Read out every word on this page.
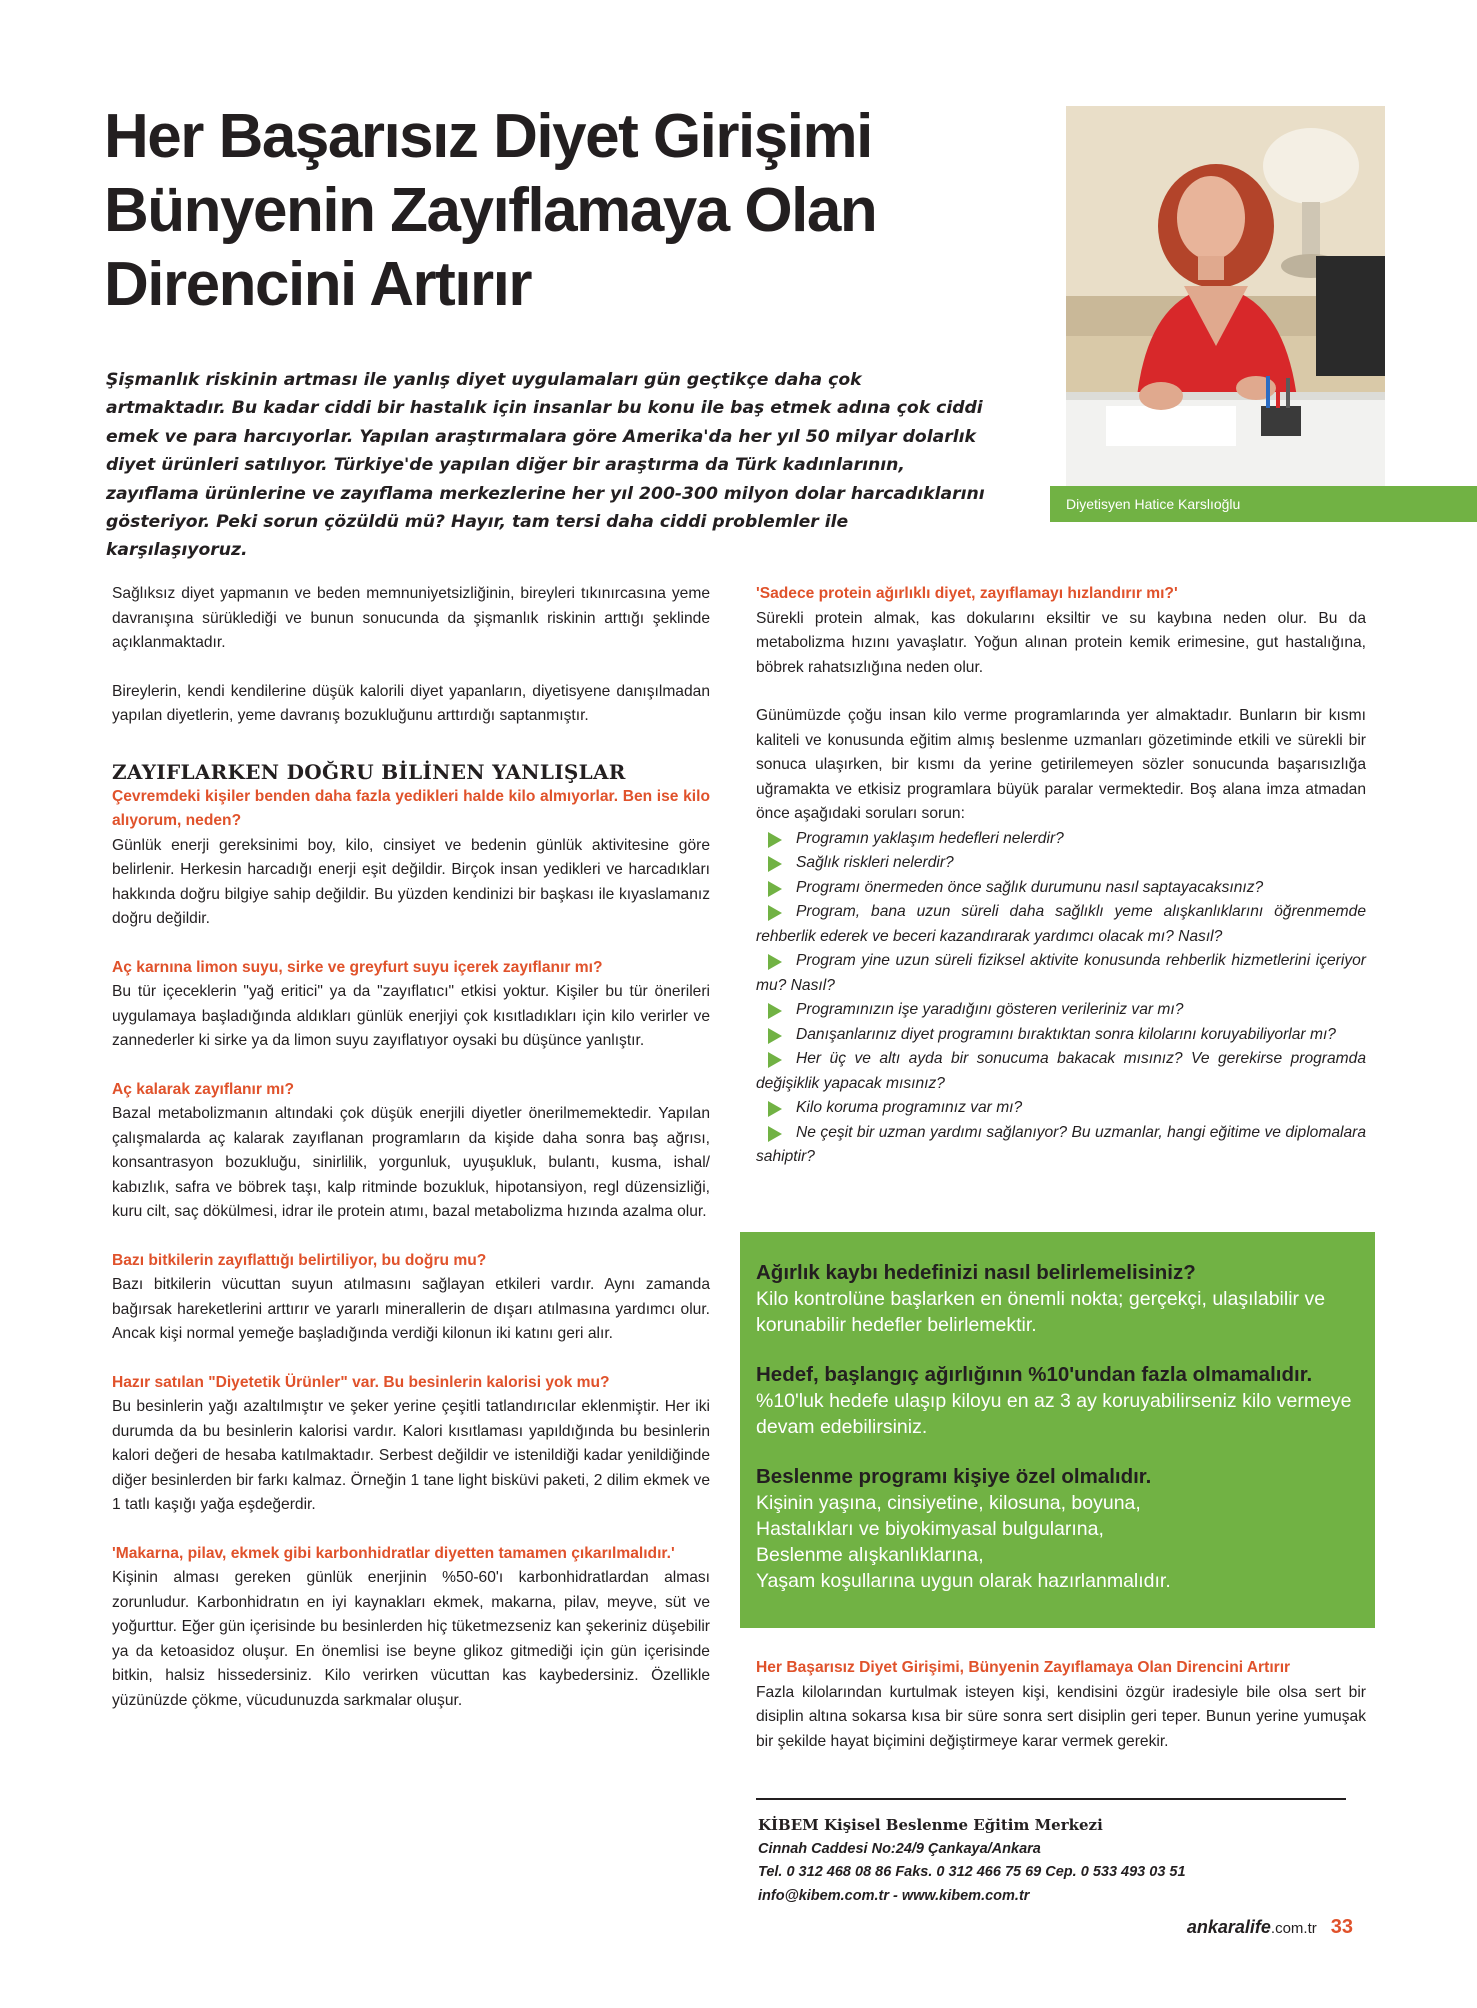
Her Başarısız Diyet Girişimi
Bünyenin Zayıflamaya Olan
Direncini Artırır

Şişmanlık riskinin artması ile yanlış diyet uygulamaları gün geçtikçe daha çok artmaktadır. Bu kadar ciddi bir hastalık için insanlar bu konu ile baş etmek adına çok ciddi emek ve para harcıyorlar. Yapılan araştırmalara göre Amerika'da her yıl 50 milyar dolarlık diyet ürünleri satılıyor. Türkiye'de yapılan diğer bir araştırma da Türk kadınlarının, zayıflama ürünlerine ve zayıflama merkezlerine her yıl 200-300 milyon dolar harcadıklarını gösteriyor. Peki sorun çözüldü mü? Hayır, tam tersi daha ciddi problemler ile karşılaşıyoruz.

Diyetisyen Hatice Karslıoğlu

Sağlıksız diyet yapmanın ve beden memnuniyetsizliğinin, bireyleri tıkınırcasına yeme davranışına sürüklediği ve bunun sonucunda da şişmanlık riskinin arttığı şeklinde açıklanmaktadır.

Bireylerin, kendi kendilerine düşük kalorili diyet yapanların, diyetisyene danışılmadan yapılan diyetlerin, yeme davranış bozukluğunu arttırdığı saptanmıştır.

ZAYIFLARKEN DOĞRU BİLİNEN YANLIŞLAR

Çevremdeki kişiler benden daha fazla yedikleri halde kilo almıyorlar. Ben ise kilo alıyorum, neden?

Günlük enerji gereksinimi boy, kilo, cinsiyet ve bedenin günlük aktivitesine göre belirlenir. Herkesin harcadığı enerji eşit değildir. Birçok insan yedikleri ve harcadıkları hakkında doğru bilgiye sahip değildir. Bu yüzden kendinizi bir başkası ile kıyaslamanız doğru değildir.

Aç karnına limon suyu, sirke ve greyfurt suyu içerek zayıflanır mı?

Bu tür içeceklerin "yağ eritici" ya da "zayıflatıcı" etkisi yoktur. Kişiler bu tür önerileri uygulamaya başladığında aldıkları günlük enerjiyi çok kısıtladıkları için kilo verirler ve zannederler ki sirke ya da limon suyu zayıflatıyor oysaki bu düşünce yanlıştır.

Aç kalarak zayıflanır mı?

Bazal metabolizmanın altındaki çok düşük enerjili diyetler önerilmemektedir. Yapılan çalışmalarda aç kalarak zayıflanan programların da kişide daha sonra baş ağrısı, konsantrasyon bozukluğu, sinirlilik, yorgunluk, uyuşukluk, bulantı, kusma, ishal/ kabızlık, safra ve böbrek taşı, kalp ritminde bozukluk, hipotansiyon, regl düzensizliği, kuru cilt, saç dökülmesi, idrar ile protein atımı, bazal metabolizma hızında azalma olur.

Bazı bitkilerin zayıflattığı belirtiliyor, bu doğru mu?

Bazı bitkilerin vücuttan suyun atılmasını sağlayan etkileri vardır. Aynı zamanda bağırsak hareketlerini arttırır ve yararlı minerallerin de dışarı atılmasına yardımcı olur. Ancak kişi normal yemeğe başladığında verdiği kilonun iki katını geri alır.

Hazır satılan "Diyetetik Ürünler" var. Bu besinlerin kalorisi yok mu?

Bu besinlerin yağı azaltılmıştır ve şeker yerine çeşitli tatlandırıcılar eklenmiştir. Her iki durumda da bu besinlerin kalorisi vardır. Kalori kısıtlaması yapıldığında bu besinlerin kalori değeri de hesaba katılmaktadır. Serbest değildir ve istenildiği kadar yenildiğinde diğer besinlerden bir farkı kalmaz. Örneğin 1 tane light bisküvi paketi, 2 dilim ekmek ve 1 tatlı kaşığı yağa eşdeğerdir.

'Makarna, pilav, ekmek gibi karbonhidratlar diyetten tamamen çıkarılmalıdır.'

Kişinin alması gereken günlük enerjinin %50-60'ı karbonhidratlardan alması zorunludur. Karbonhidratın en iyi kaynakları ekmek, makarna, pilav, meyve, süt ve yoğurttur. Eğer gün içerisinde bu besinlerden hiç tüketmezseniz kan şekeriniz düşebilir ya da ketoasidoz oluşur. En önemlisi ise beyne glikoz gitmediği için gün içerisinde bitkin, halsiz hissedersiniz. Kilo verirken vücuttan kas kaybedersiniz. Özellikle yüzünüzde çökme, vücudunuzda sarkmalar oluşur.

'Sadece protein ağırlıklı diyet, zayıflamayı hızlandırır mı?'

Sürekli protein almak, kas dokularını eksiltir ve su kaybına neden olur. Bu da metabolizma hızını yavaşlatır. Yoğun alınan protein kemik erimesine, gut hastalığına, böbrek rahatsızlığına neden olur.

Günümüzde çoğu insan kilo verme programlarında yer almaktadır. Bunların bir kısmı kaliteli ve konusunda eğitim almış beslenme uzmanları gözetiminde etkili ve sürekli bir sonuca ulaşırken, bir kısmı da yerine getirilemeyen sözler sonucunda başarısızlığa uğramakta ve etkisiz programlara büyük paralar vermektedir. Boş alana imza atmadan önce aşağıdaki soruları sorun:

Programın yaklaşım hedefleri nelerdir?
Sağlık riskleri nelerdir?
Programı önermeden önce sağlık durumunu nasıl saptayacaksınız?
Program, bana uzun süreli daha sağlıklı yeme alışkanlıklarını öğrenmemde rehberlik ederek ve beceri kazandırarak yardımcı olacak mı? Nasıl?
Program yine uzun süreli fiziksel aktivite konusunda rehberlik hizmetlerini içeriyor mu? Nasıl?
Programınızın işe yaradığını gösteren verileriniz var mı?
Danışanlarınız diyet programını bıraktıktan sonra kilolarını koruyabiliyorlar mı?
Her üç ve altı ayda bir sonucuma bakacak mısınız? Ve gerekirse programda değişiklik yapacak mısınız?
Kilo koruma programınız var mı?
Ne çeşit bir uzman yardımı sağlanıyor? Bu uzmanlar, hangi eğitime ve diplomalara sahiptir?
Ağırlık kaybı hedefinizi nasıl belirlemelisiniz?

Kilo kontrolüne başlarken en önemli nokta; gerçekçi, ulaşılabilir ve korunabilir hedefler belirlemektir.

Hedef, başlangıç ağırlığının %10'undan fazla olmamalıdır.

%10'luk hedefe ulaşıp kiloyu en az 3 ay koruyabilirseniz kilo vermeye devam edebilirsiniz.

Beslenme programı kişiye özel olmalıdır.

Kişinin yaşına, cinsiyetine, kilosuna, boyuna,
Hastalıkları ve biyokimyasal bulgularına,
Beslenme alışkanlıklarına,
Yaşam koşullarına uygun olarak hazırlanmalıdır.

Her Başarısız Diyet Girişimi, Bünyenin Zayıflamaya Olan Direncini Artırır
Fazla kilolarından kurtulmak isteyen kişi, kendisini özgür iradesiyle bile olsa sert bir disiplin altına sokarsa kısa bir süre sonra sert disiplin geri teper. Bunun yerine yumuşak bir şekilde hayat biçimini değiştirmeye karar vermek gerekir.
KİBEM Kişisel Beslenme Eğitim Merkezi
Cinnah Caddesi No:24/9 Çankaya/Ankara
Tel. 0 312 468 08 86 Faks. 0 312 466 75 69 Cep. 0 533 493 03 51
info@kibem.com.tr - www.kibem.com.tr
ankaralife.com.tr 33
